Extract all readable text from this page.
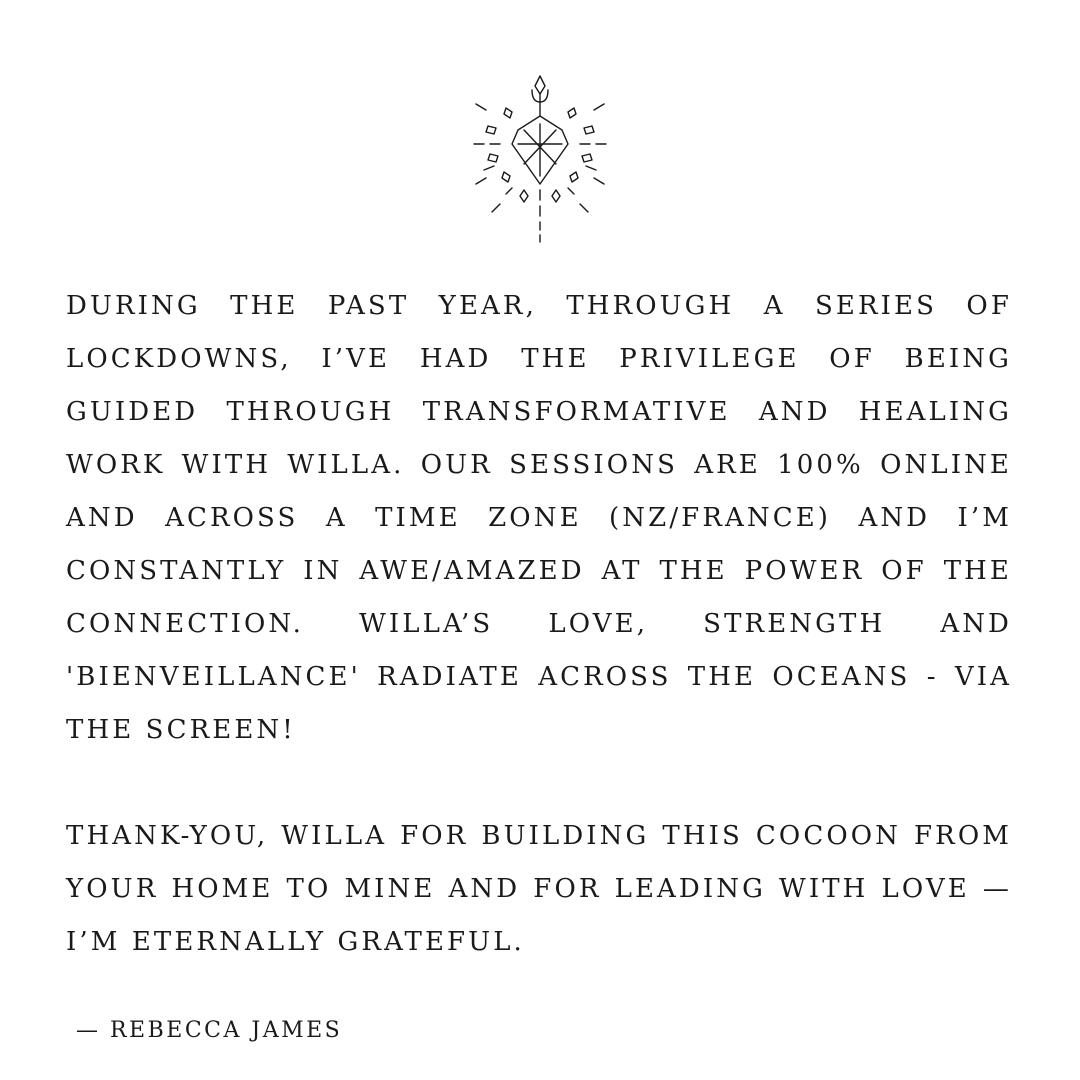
DURING THE PAST YEAR, THROUGH A SERIES OF LOCKDOWNS, I’VE HAD THE PRIVILEGE OF BEING GUIDED THROUGH TRANSFORMATIVE AND HEALING WORK WITH WILLA. OUR SESSIONS ARE 100% ONLINE AND ACROSS A TIME ZONE (NZ/FRANCE) AND I’M CONSTANTLY IN AWE/AMAZED AT THE POWER OF THE CONNECTION. WILLA’S LOVE, STRENGTH AND 'BIENVEILLANCE' RADIATE ACROSS THE OCEANS - VIA THE SCREEN!

THANK-YOU, WILLA FOR BUILDING THIS COCOON FROM YOUR HOME TO MINE AND FOR LEADING WITH LOVE — I’M ETERNALLY GRATEFUL.

— REBECCA JAMES
